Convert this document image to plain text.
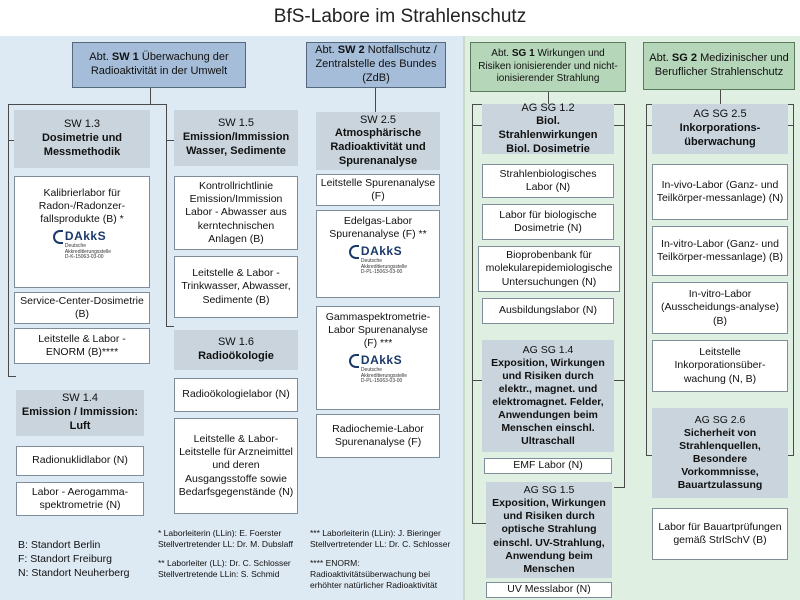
BfS-Labore im Strahlenschutz
Abt. SW 1 Überwachung der Radioaktivität in der Umwelt
Abt. SW 2 Notfallschutz / Zentralstelle des Bundes (ZdB)
Abt. SG 1 Wirkungen und Risiken ionisierender und nicht-ionisierender Strahlung
Abt. SG 2 Medizinischer und Beruflicher Strahlenschutz
SW 1.3
Dosimetrie und Messmethodik
Kalibrierlabor für Radon-/Radonzer-fallsprodukte (B) *
DAkkS
Deutsche
Akkreditierungsstelle
D-K-15063-03-00
Service-Center-Dosimetrie (B)
Leitstelle & Labor - ENORM (B)****
SW 1.4
Emission / Immission: Luft
Radionuklidlabor (N)
Labor - Aerogamma-spektrometrie (N)
SW 1.5
Emission/Immission Wasser, Sedimente
Kontrollrichtlinie Emission/Immission Labor - Abwasser aus kerntechnischen Anlagen (B)
Leitstelle & Labor - Trinkwasser, Abwasser, Sedimente (B)
SW 1.6
Radioökologie
Radioökologielabor (N)
Leitstelle & Labor-Leitstelle für Arzneimittel und deren Ausgangsstoffe sowie Bedarfsgegenstände (N)
SW 2.5
Atmosphärische Radioaktivität und Spurenanalyse
Leitstelle Spurenanalyse (F)
Edelgas-Labor Spurenanalyse (F) **
DAkkS
Deutsche
Akkreditierungsstelle
D-PL-15063-03-00
Gammaspektrometrie-Labor Spurenanalyse (F) ***
DAkkS
Deutsche
Akkreditierungsstelle
D-PL-15063-03-00
Radiochemie-Labor Spurenanalyse (F)
AG SG 1.2
Biol. Strahlenwirkungen Biol. Dosimetrie
Strahlenbiologisches Labor (N)
Labor für biologische Dosimetrie (N)
Bioprobenbank für molekularepidemiologische Untersuchungen (N)
Ausbildungslabor (N)
AG SG 1.4
Exposition, Wirkungen und Risiken durch elektr., magnet. und elektromagnet. Felder, Anwendungen beim Menschen einschl. Ultraschall
EMF Labor (N)
AG SG 1.5
Exposition, Wirkungen und Risiken durch optische Strahlung einschl. UV-Strahlung, Anwendung beim Menschen
UV Messlabor (N)
AG SG 2.5
Inkorporations-überwachung
In-vivo-Labor (Ganz- und Teilkörper-messanlage) (N)
In-vitro-Labor (Ganz- und Teilkörper-messanlage) (B)
In-vitro-Labor (Ausscheidungs-analyse) (B)
Leitstelle Inkorporationsüber-wachung (N, B)
AG SG 2.6
Sicherheit von Strahlenquellen, Besondere Vorkommnisse, Bauartzulassung
Labor für Bauartprüfungen gemäß StrlSchV (B)
B: Standort Berlin
F: Standort Freiburg
N: Standort Neuherberg
* Laborleiterin (LLin): E. Foerster
Stellvertretender LL: Dr. M. Dubslaff
** Laborleiter (LL): Dr. C. Schlosser
Stellvertretende LLin: S. Schmid
*** Laborleiterin (LLin): J. Bieringer
Stellvertretender LL: Dr. C. Schlosser
**** ENORM:
Radioaktivitätsüberwachung bei
erhöhter natürlicher Radioaktivität
